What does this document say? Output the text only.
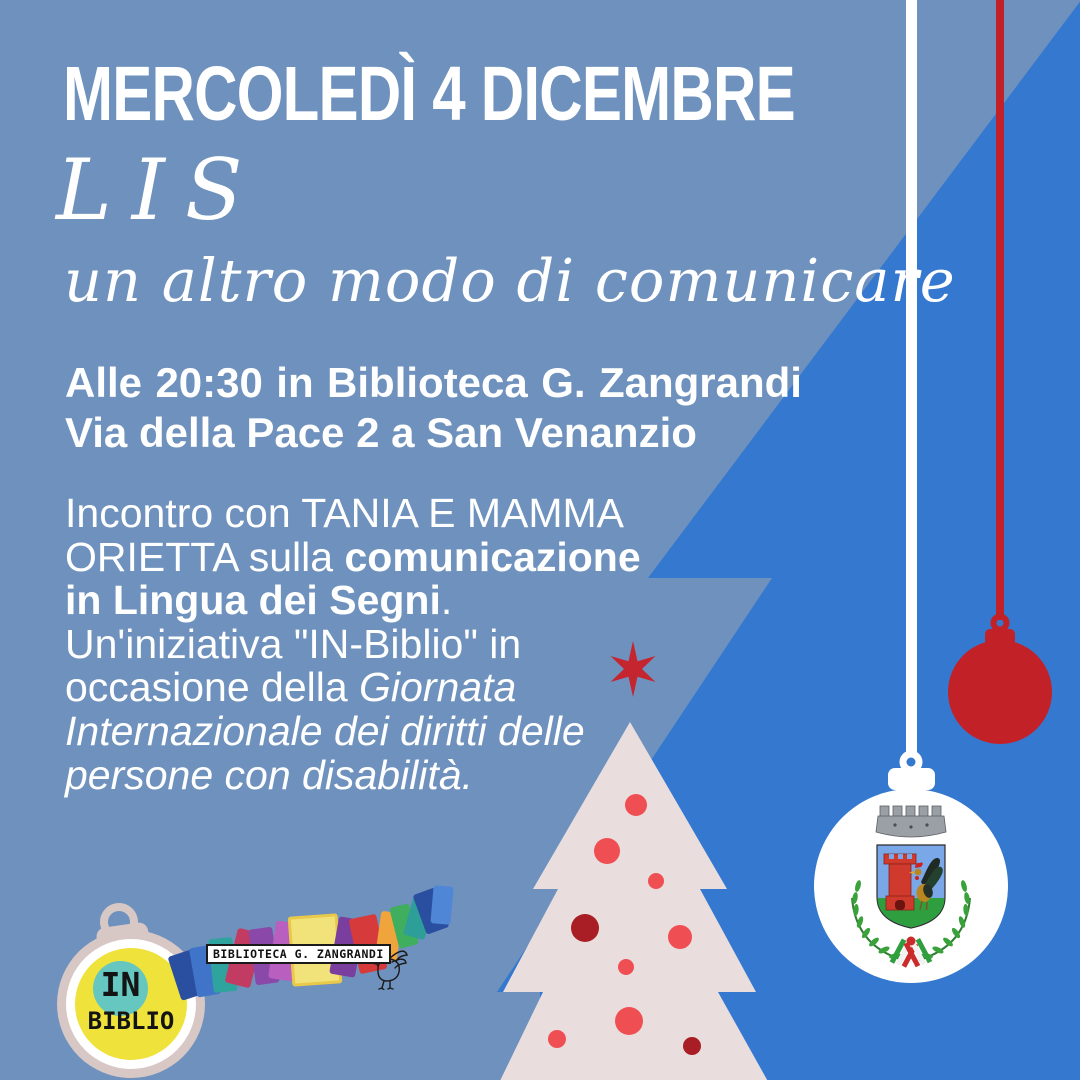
MERCOLEDÌ 4 DICEMBRE
LIS
un altro modo di comunicare
Alle 20:30 in Biblioteca G. Zangrandi
Via della Pace 2 a San Venanzio
Incontro con TANIA E MAMMA
ORIETTA sulla comunicazione
in Lingua dei Segni.
Un'iniziativa "IN-Biblio" in
occasione della Giornata
Internazionale dei diritti delle
persone con disabilità.
IN
BIBLIO
BIBLIOTECA G. ZANGRANDI
